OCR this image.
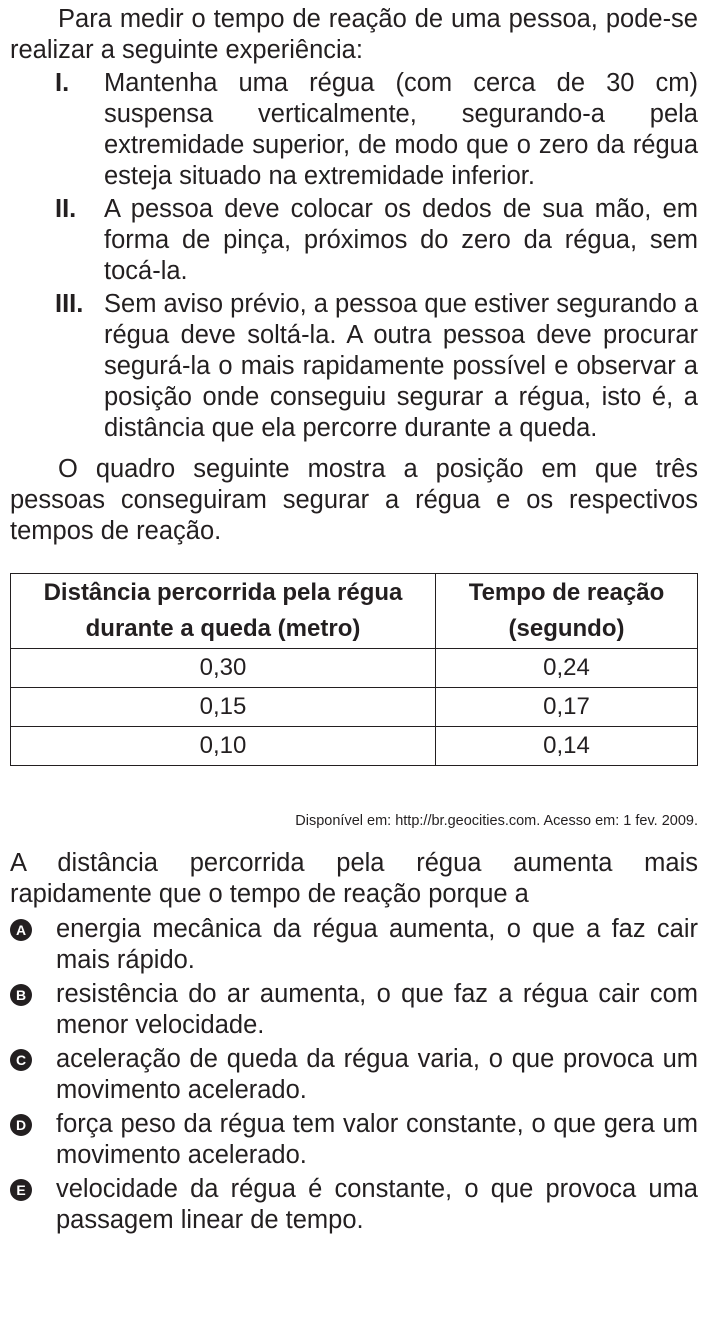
Para medir o tempo de reação de uma pessoa, pode-se realizar a seguinte experiência:

I.	Mantenha uma régua (com cerca de 30 cm) suspensa verticalmente, segurando-a pela extremidade superior, de modo que o zero da régua esteja situado na extremidade inferior.
II.	A pessoa deve colocar os dedos de sua mão, em forma de pinça, próximos do zero da régua, sem tocá-la.
III. Sem aviso prévio, a pessoa que estiver segurando a régua deve soltá-la. A outra pessoa deve procurar segurá-la o mais rapidamente possível e observar a posição onde conseguiu segurar a régua, isto é, a distância que ela percorre durante a queda.

O quadro seguinte mostra a posição em que três pessoas conseguiram segurar a régua e os respectivos tempos de reação.

Distância percorrida pela régua durante a queda (metro)	Tempo de reação (segundo)
0,30	0,24
0,15	0,17
0,10	0,14

Disponível em: http://br.geocities.com. Acesso em: 1 fev. 2009.

A distância percorrida pela régua aumenta mais rapidamente que o tempo de reação porque a

A energia mecânica da régua aumenta, o que a faz cair mais rápido.
B resistência do ar aumenta, o que faz a régua cair com menor velocidade.
C aceleração de queda da régua varia, o que provoca um movimento acelerado.
D força peso da régua tem valor constante, o que gera um movimento acelerado.
E velocidade da régua é constante, o que provoca uma passagem linear de tempo.
